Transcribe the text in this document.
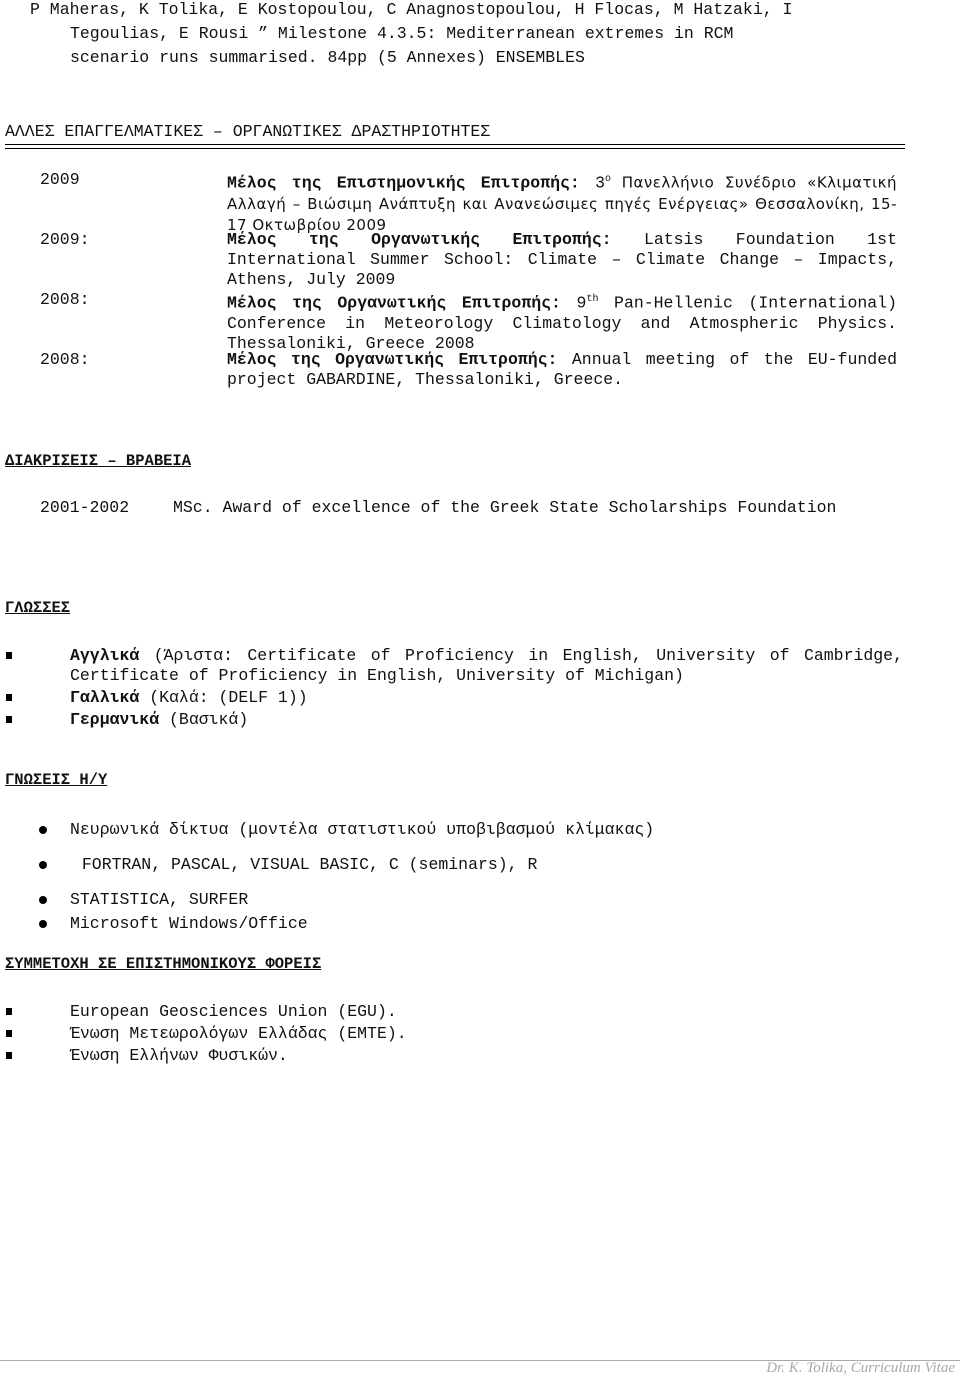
P Maheras, K Tolika, E Kostopoulou, C Anagnostopoulou, H Flocas, M Hatzaki, I
Tegoulias, E Rousi ” Milestone 4.3.5: Mediterranean extremes in RCM
scenario runs summarised. 84pp (5 Annexes) ENSEMBLES
ΑΛΛΕΣ ΕΠΑΓΓΕΛΜΑΤΙΚΕΣ – ΟΡΓΑΝΩΤΙΚΕΣ ΔΡΑΣΤΗΡΙΟΤΗΤΕΣ
2009	Μέλος της Επιστημονικής Επιτροπής: $3^o$ Πανελλήνιο Συνέδριο «Κλιματική Αλλαγή – Βιώσιμη Ανάπτυξη και Ανανεώσιμες πηγές Ενέργειας» Θεσσαλονίκη, 15-17 Οκτωβρίου 2009
2009:	Μέλος της Οργανωτικής Επιτροπής: Latsis Foundation 1st International Summer School: Climate – Climate Change – Impacts, Athens, July 2009
2008:	Μέλος της Οργανωτικής Επιτροπής: 9th Pan-Hellenic (International) Conference in Meteorology Climatology and Atmospheric Physics. Thessaloniki, Greece 2008
2008:	Μέλος της Οργανωτικής Επιτροπής: Annual meeting of the EU-funded project GABARDINE, Thessaloniki, Greece.
ΔΙΑΚΡΙΣΕΙΣ – ΒΡΑΒΕΙΑ
2001-2002	MSc. Award of excellence of the Greek State Scholarships Foundation
ΓΛΩΣΣΕΣ
Αγγλικά (Άριστα: Certificate of Proficiency in English, University of Cambridge, Certificate of Proficiency in English, University of Michigan)
Γαλλικά (Καλά: (DELF 1))
Γερμανικά (Βασικά)
ΓΝΩΣΕΙΣ Η/Υ
Νευρωνικά δίκτυα (μοντέλα στατιστικού υποβιβασμού κλίμακας)
FORTRAN, PASCAL, VISUAL BASIC, C (seminars), R
STATISTICA, SURFER
Microsoft Windows/Office
ΣΥΜΜΕΤΟΧΗ ΣΕ ΕΠΙΣΤΗΜΟΝΙΚΟΥΣ ΦΟΡΕΙΣ
European Geosciences Union (EGU).
Ένωση Μετεωρολόγων Ελλάδας (ΕΜΤΕ).
Ένωση Ελλήνων Φυσικών.
Dr. K. Tolika, Curriculum Vitae
